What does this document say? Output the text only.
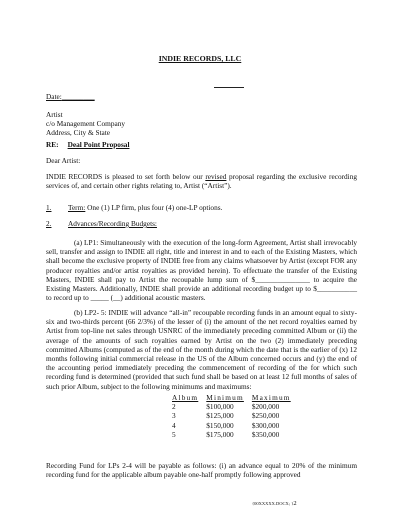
INDIE RECORDS, LLC
Date:_________
Artist
c/o Management Company
Address, City & State
RE: Deal Point Proposal
Dear Artist:
INDIE RECORDS is pleased to set forth below our revised proposal regarding the exclusive recording services of, and certain other rights relating to, Artist (“Artist”).
1. Term: One (1) LP firm, plus four (4) one-LP options.
2. Advances/Recording Budgets:

(a) LP1: Simultaneously with the execution of the long-form Agreement, Artist shall irrevocably sell, transfer and assign to INDIE all right, title and interest in and to each of the Existing Masters, which shall become the exclusive property of INDIE free from any claims whatsoever by Artist (except FOR any producer royalties and/or artist royalties as provided herein). To effectuate the transfer of the Existing Masters, INDIE shall pay to Artist the recoupable lump sum of $_______________ to acquire the Existing Masters. Additionally, INDIE shall provide an additional recording budget up to $___________ to record up to _____ (__) additional acoustic masters.

(b) LP2- 5: INDIE will advance “all-in” recoupable recording funds in an amount equal to sixty-six and two-thirds percent (66 2/3%) of the lesser of (i) the amount of the net record royalties earned by Artist from top-line net sales through USNRC of the immediately preceding committed Album or (ii) the average of the amounts of such royalties earned by Artist on the two (2) immediately preceding committed Albums (computed as of the end of the month during which the date that is the earlier of (x) 12 months following initial commercial release in the US of the Album concerned occurs and (y) the end of the accounting period immediately preceding the commencement of recording of the for which such recording fund is determined (provided that such fund shall be based on at least 12 full months of sales of such prior Album, subject to the following minimums and maximums:

Album	Minimum	Maximum
2	$100,000	$200,000
3	$125,000	$250,000
4	$150,000	$300,000
5	$175,000	$350,000

Recording Fund for LPs 2-4 will be payable as follows: (i) an advance equal to 20% of the minimum recording fund for the applicable album payable one-half promptly following approved

{00XXXXX.DOCX; }2
